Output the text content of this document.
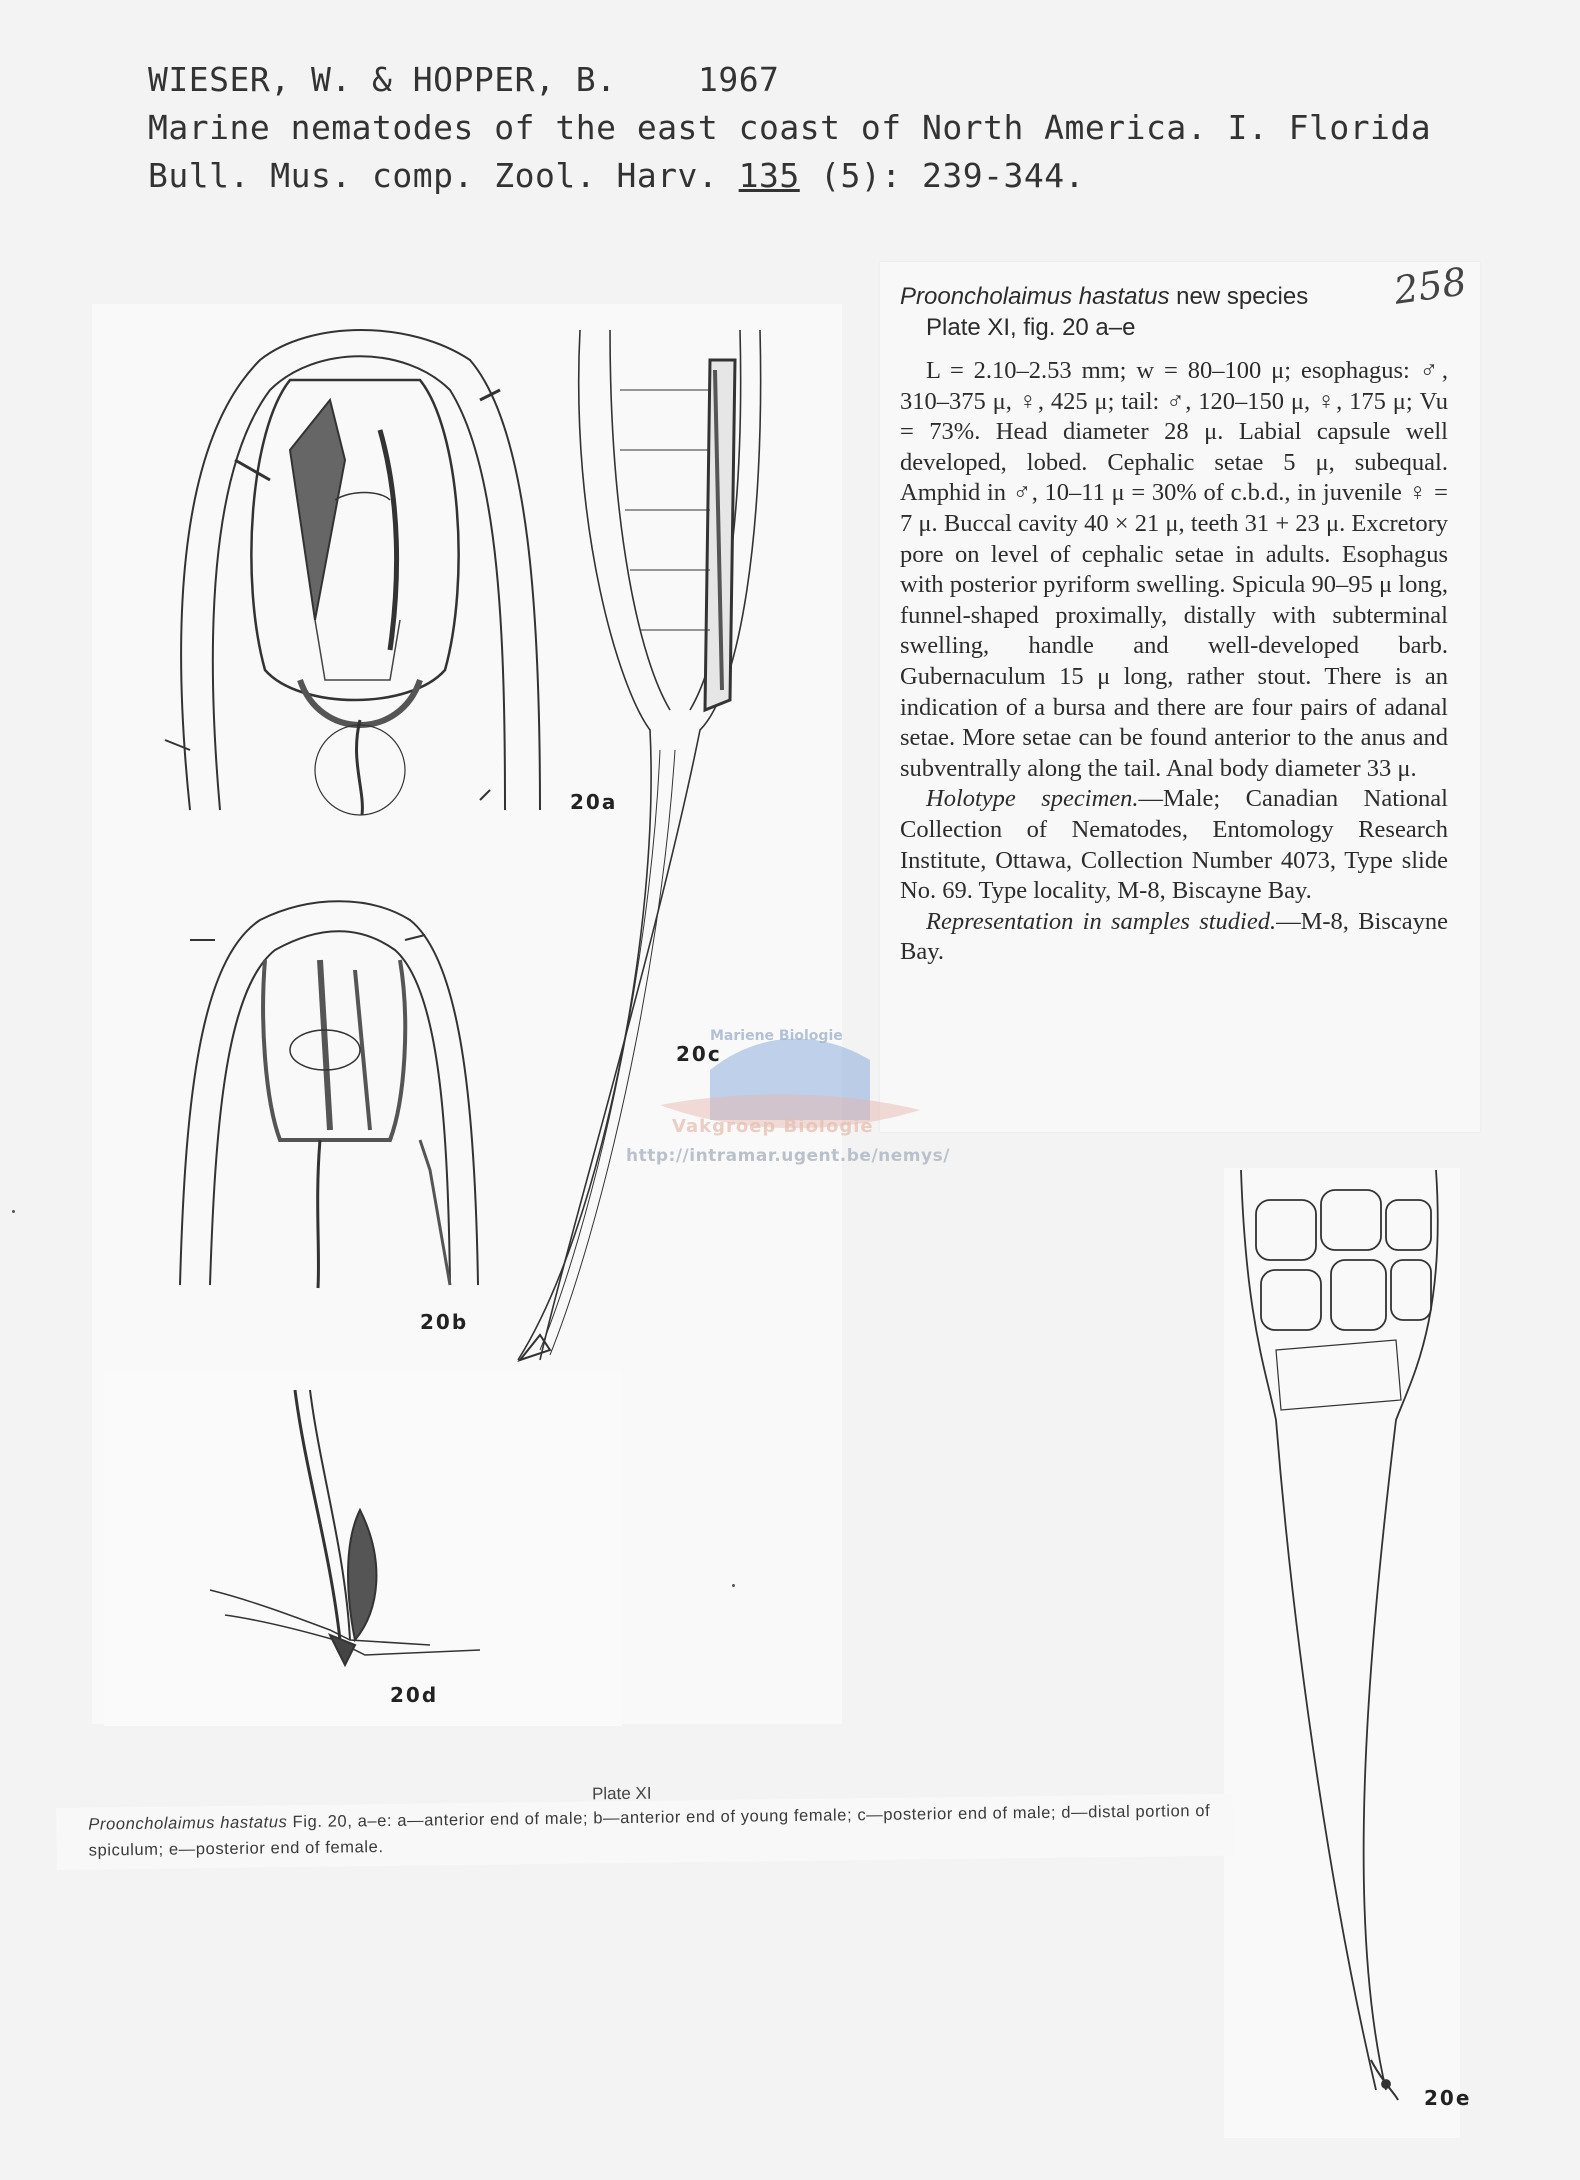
WIESER, W. & HOPPER, B. 1967
Marine nematodes of the east coast of North America. I. Florida
Bull. Mus. comp. Zool. Harv. 135 (5): 239-344.
258
Prooncholaimus hastatus new species
Plate XI, fig. 20 a–e

L = 2.10–2.53 mm; w = 80–100 μ; esophagus: ♂, 310–375 μ, ♀, 425 μ; tail: ♂, 120–150 μ, ♀, 175 μ; Vu = 73%. Head diameter 28 μ. Labial capsule well developed, lobed. Cephalic setae 5 μ, subequal. Amphid in ♂, 10–11 μ = 30% of c.b.d., in juvenile ♀ = 7 μ. Buccal cavity 40 × 21 μ, teeth 31 + 23 μ. Excretory pore on level of cephalic setae in adults. Esophagus with posterior pyriform swelling. Spicula 90–95 μ long, funnel-shaped proximally, distally with subterminal swelling, handle and well-developed barb. Gubernaculum 15 μ long, rather stout. There is an indication of a bursa and there are four pairs of adanal setae. More setae can be found anterior to the anus and subventrally along the tail. Anal body diameter 33 μ.

Holotype specimen.—Male; Canadian National Collection of Nematodes, Entomology Research Institute, Ottawa, Collection Number 4073, Type slide No. 69. Type locality, M-8, Biscayne Bay.

Representation in samples studied.—M-8, Biscayne Bay.

20a
20b
20c
20d
20e
Mariene Biologie
Vakgroep Biologie
http://intramar.ugent.be/nemys/
Plate XI
Prooncholaimus hastatus Fig. 20, a–e: a—anterior end of male; b—anterior end of young female; c—posterior end of male; d—distal portion of spiculum; e—posterior end of female.
